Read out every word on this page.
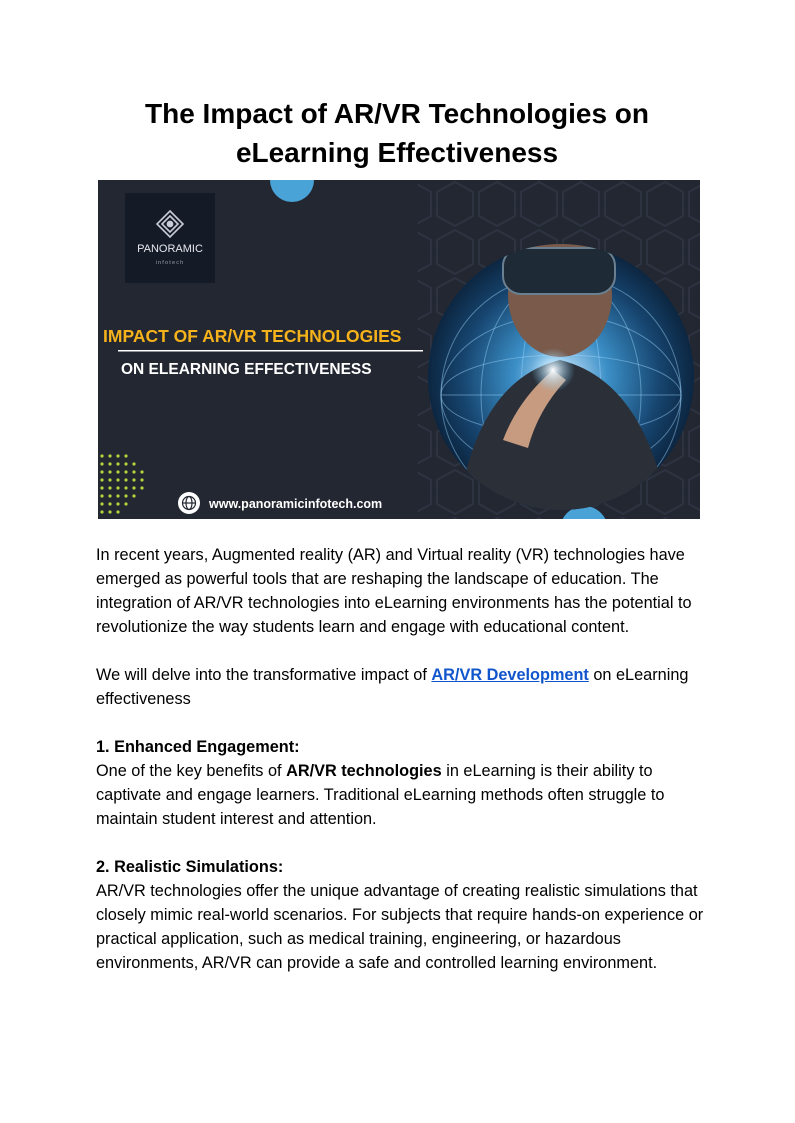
The Impact of AR/VR Technologies on
eLearning Effectiveness
PANORAMIC
infotech
IMPACT OF AR/VR TECHNOLOGIES
ON ELEARNING EFFECTIVENESS
www.panoramicinfotech.com

In recent years, Augmented reality (AR) and Virtual reality (VR) technologies have emerged as powerful tools that are reshaping the landscape of education. The integration of AR/VR technologies into eLearning environments has the potential to revolutionize the way students learn and engage with educational content.

We will delve into the transformative impact of AR/VR Development on eLearning effectiveness

1. Enhanced Engagement:
One of the key benefits of AR/VR technologies in eLearning is their ability to captivate and engage learners. Traditional eLearning methods often struggle to maintain student interest and attention.

2. Realistic Simulations:
AR/VR technologies offer the unique advantage of creating realistic simulations that closely mimic real-world scenarios. For subjects that require hands-on experience or practical application, such as medical training, engineering, or hazardous environments, AR/VR can provide a safe and controlled learning environment.
